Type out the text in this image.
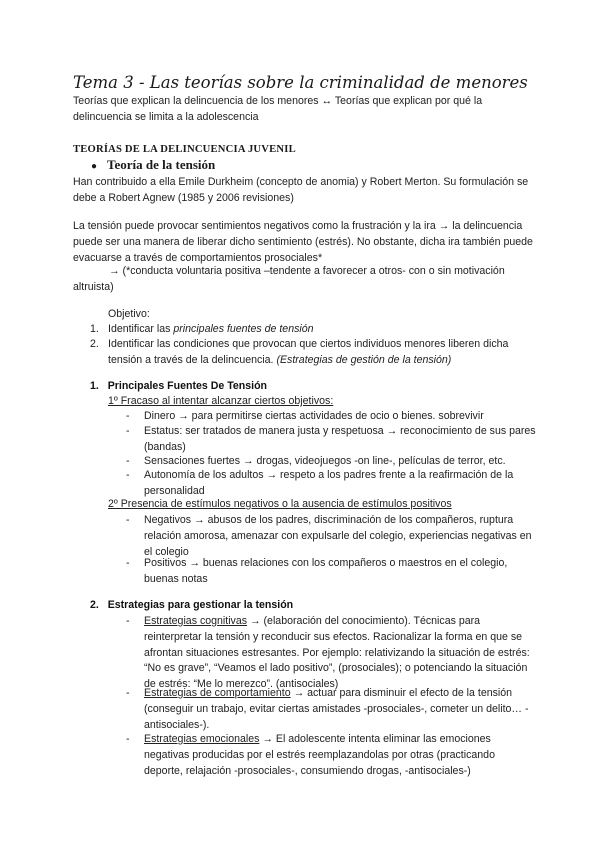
Tema 3 - Las teorías sobre la criminalidad de menores
Teorías que explican la delincuencia de los menores ↔ Teorías que explican por qué la delincuencia se limita a la adolescencia
TEORÍAS DE LA DELINCUENCIA JUVENIL
● Teoría de la tensión
Han contribuido a ella Emile Durkheim (concepto de anomia) y Robert Merton. Su formulación se debe a Robert Agnew (1985 y 2006 revisiones)
La tensión puede provocar sentimientos negativos como la frustración y la ira → la delincuencia puede ser una manera de liberar dicho sentimiento (estrés). No obstante, dicha ira también puede evacuarse a través de comportamientos prosociales*
→ (*conducta voluntaria positiva –tendente a favorecer a otros- con o sin motivación altruista)
Objetivo:
1. Identificar las principales fuentes de tensión
2. Identificar las condiciones que provocan que ciertos individuos menores liberen dicha tensión a través de la delincuencia. (Estrategias de gestión de la tensión)
1. Principales Fuentes De Tensión
1º Fracaso al intentar alcanzar ciertos objetivos:
- Dinero → para permitirse ciertas actividades de ocio o bienes. sobrevivir
- Estatus: ser tratados de manera justa y respetuosa → reconocimiento de sus pares (bandas)
- Sensaciones fuertes → drogas, videojuegos -on line-, películas de terror, etc.
- Autonomía de los adultos → respeto a los padres frente a la reafirmación de la personalidad
2º Presencia de estímulos negativos o la ausencia de estímulos positivos
- Negativos → abusos de los padres, discriminación de los compañeros, ruptura relación amorosa, amenazar con expulsarle del colegio, experiencias negativas en el colegio
- Positivos → buenas relaciones con los compañeros o maestros en el colegio, buenas notas
2. Estrategias para gestionar la tensión
- Estrategias cognitivas → (elaboración del conocimiento). Técnicas para reinterpretar la tensión y reconducir sus efectos. Racionalizar la forma en que se afrontan situaciones estresantes. Por ejemplo: relativizando la situación de estrés: “No es grave”, “Veamos el lado positivo”, (prosociales); o potenciando la situación de estrés: “Me lo merezco”. (antisociales)
- Estrategias de comportamiento → actuar para disminuir el efecto de la tensión (conseguir un trabajo, evitar ciertas amistades -prosociales-, cometer un delito… -antisociales-).
- Estrategias emocionales → El adolescente intenta eliminar las emociones negativas producidas por el estrés reemplazandolas por otras (practicando deporte, relajación -prosociales-, consumiendo drogas, -antisociales-)
